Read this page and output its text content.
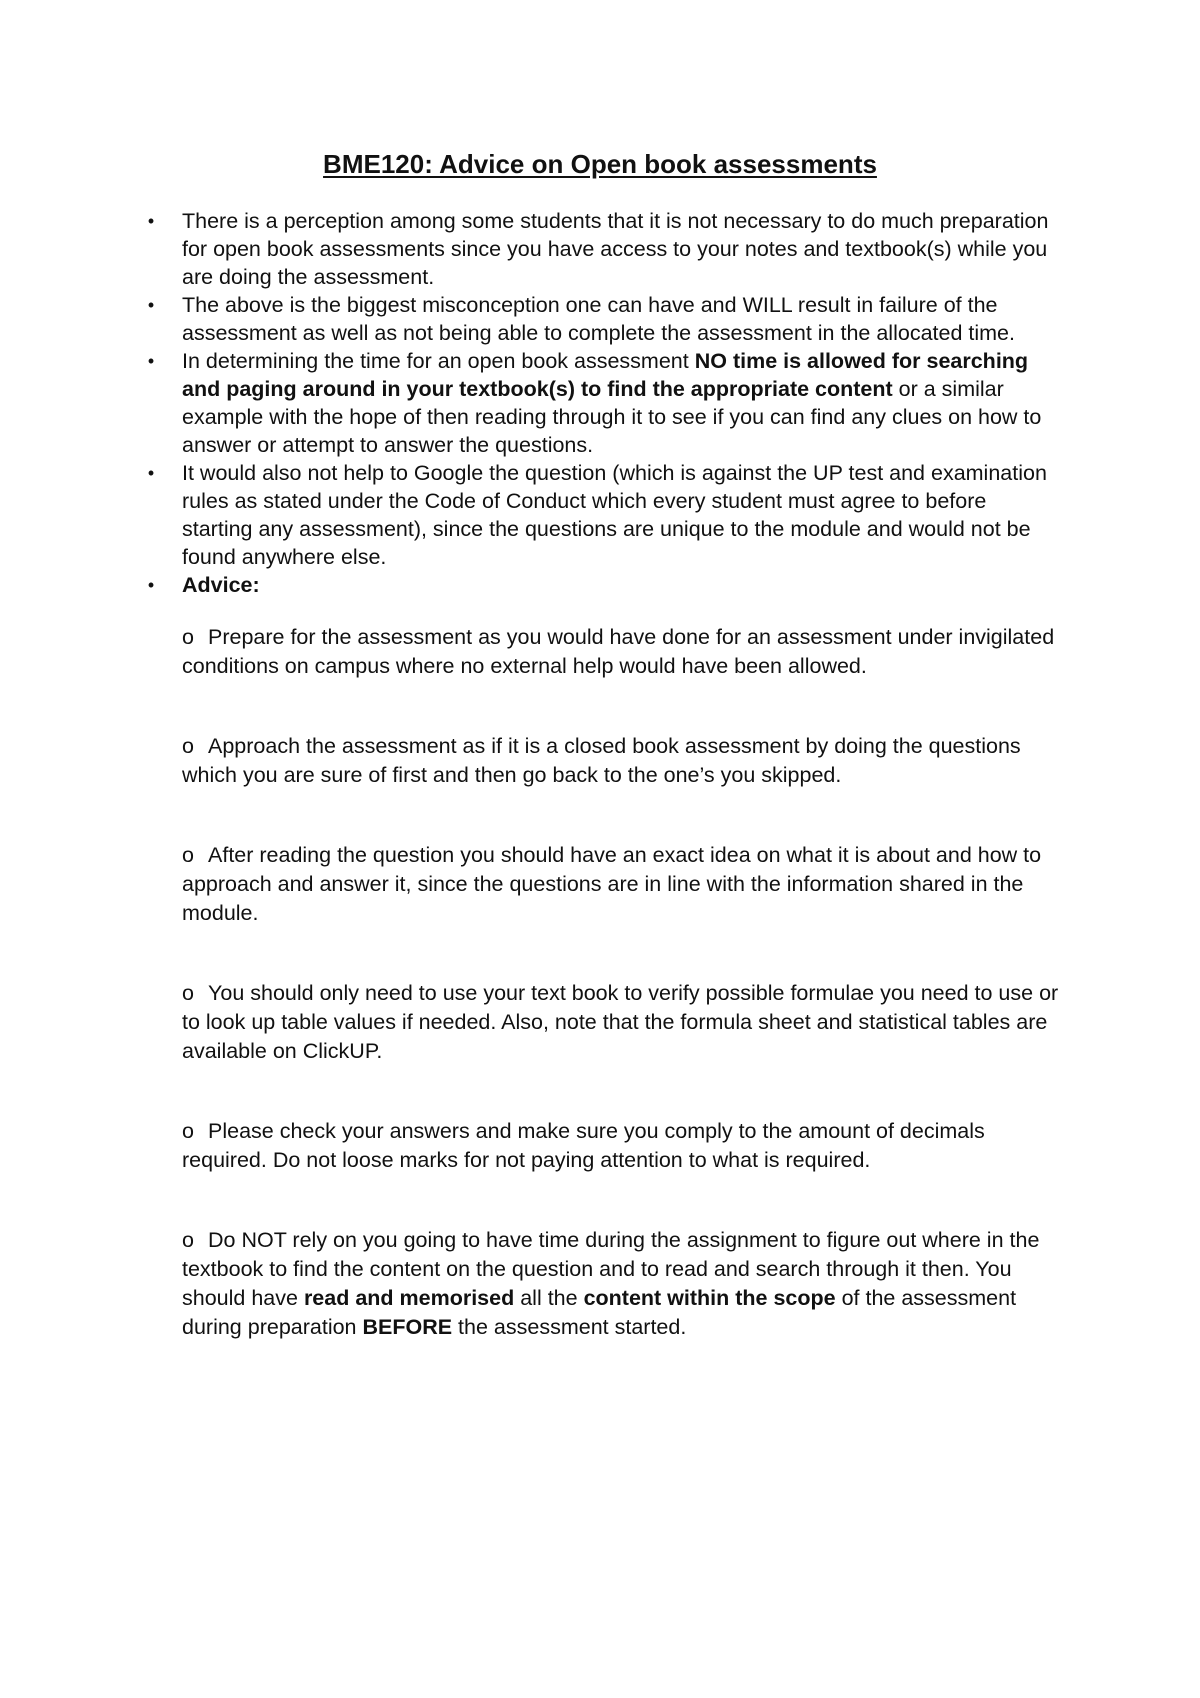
BME120: Advice on Open book assessments
• There is a perception among some students that it is not necessary to do much preparation for open book assessments since you have access to your notes and textbook(s) while you are doing the assessment.
• The above is the biggest misconception one can have and WILL result in failure of the assessment as well as not being able to complete the assessment in the allocated time.
• In determining the time for an open book assessment NO time is allowed for searching and paging around in your textbook(s) to find the appropriate content or a similar example with the hope of then reading through it to see if you can find any clues on how to answer or attempt to answer the questions.
• It would also not help to Google the question (which is against the UP test and examination rules as stated under the Code of Conduct which every student must agree to before starting any assessment), since the questions are unique to the module and would not be found anywhere else.
• Advice:
o Prepare for the assessment as you would have done for an assessment under invigilated conditions on campus where no external help would have been allowed.
o Approach the assessment as if it is a closed book assessment by doing the questions which you are sure of first and then go back to the one’s you skipped.
o After reading the question you should have an exact idea on what it is about and how to approach and answer it, since the questions are in line with the information shared in the module.
o You should only need to use your text book to verify possible formulae you need to use or to look up table values if needed. Also, note that the formula sheet and statistical tables are available on ClickUP.
o Please check your answers and make sure you comply to the amount of decimals required. Do not loose marks for not paying attention to what is required.
o Do NOT rely on you going to have time during the assignment to figure out where in the textbook to find the content on the question and to read and search through it then. You should have read and memorised all the content within the scope of the assessment during preparation BEFORE the assessment started.
